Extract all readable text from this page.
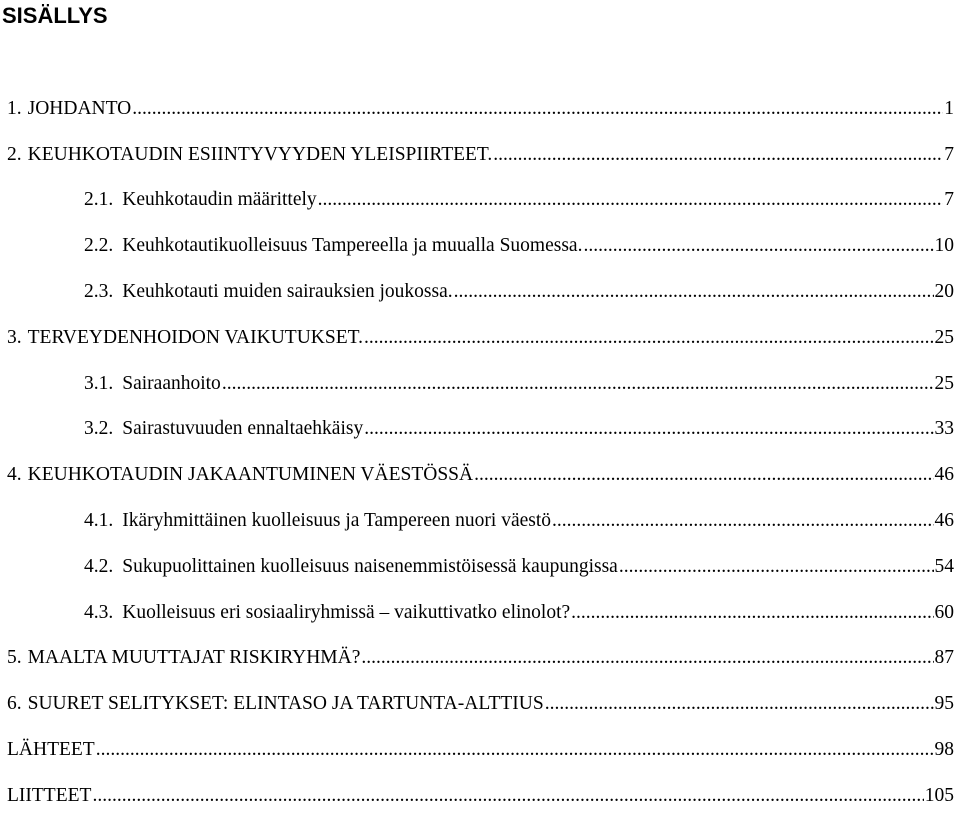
SISÄLLYS
1. JOHDANTO .....	1
2. KEUHKOTAUDIN ESIINTYVYYDEN YLEISPIIRTEET. .....	7
2.1. Keuhkotaudin määrittely .....	7
2.2. Keuhkotautikuolleisuus Tampereella ja muualla Suomessa. .....	10
2.3. Keuhkotauti muiden sairauksien joukossa. .....	20
3. TERVEYDENHOIDON VAIKUTUKSET. .....	25
3.1. Sairaanhoito .....	25
3.2. Sairastuvuuden ennaltaehkäisy .....	33
4. KEUHKOTAUDIN JAKAANTUMINEN VÄESTÖSSÄ .....	46
4.1. Ikäryhmittäinen kuolleisuus ja Tampereen nuori väestö .....	46
4.2. Sukupuolittainen kuolleisuus naisenemmistöisessä kaupungissa .....	54
4.3. Kuolleisuus eri sosiaaliryhmissä – vaikuttivatko elinolot? .....	60
5. MAALTA MUUTTAJAT RISKIRYHMÄ? .....	87
6. SUURET SELITYKSET: ELINTASO JA TARTUNTA-ALTTIUS .....	95
LÄHTEET .....	98
LIITTEET .....	105
